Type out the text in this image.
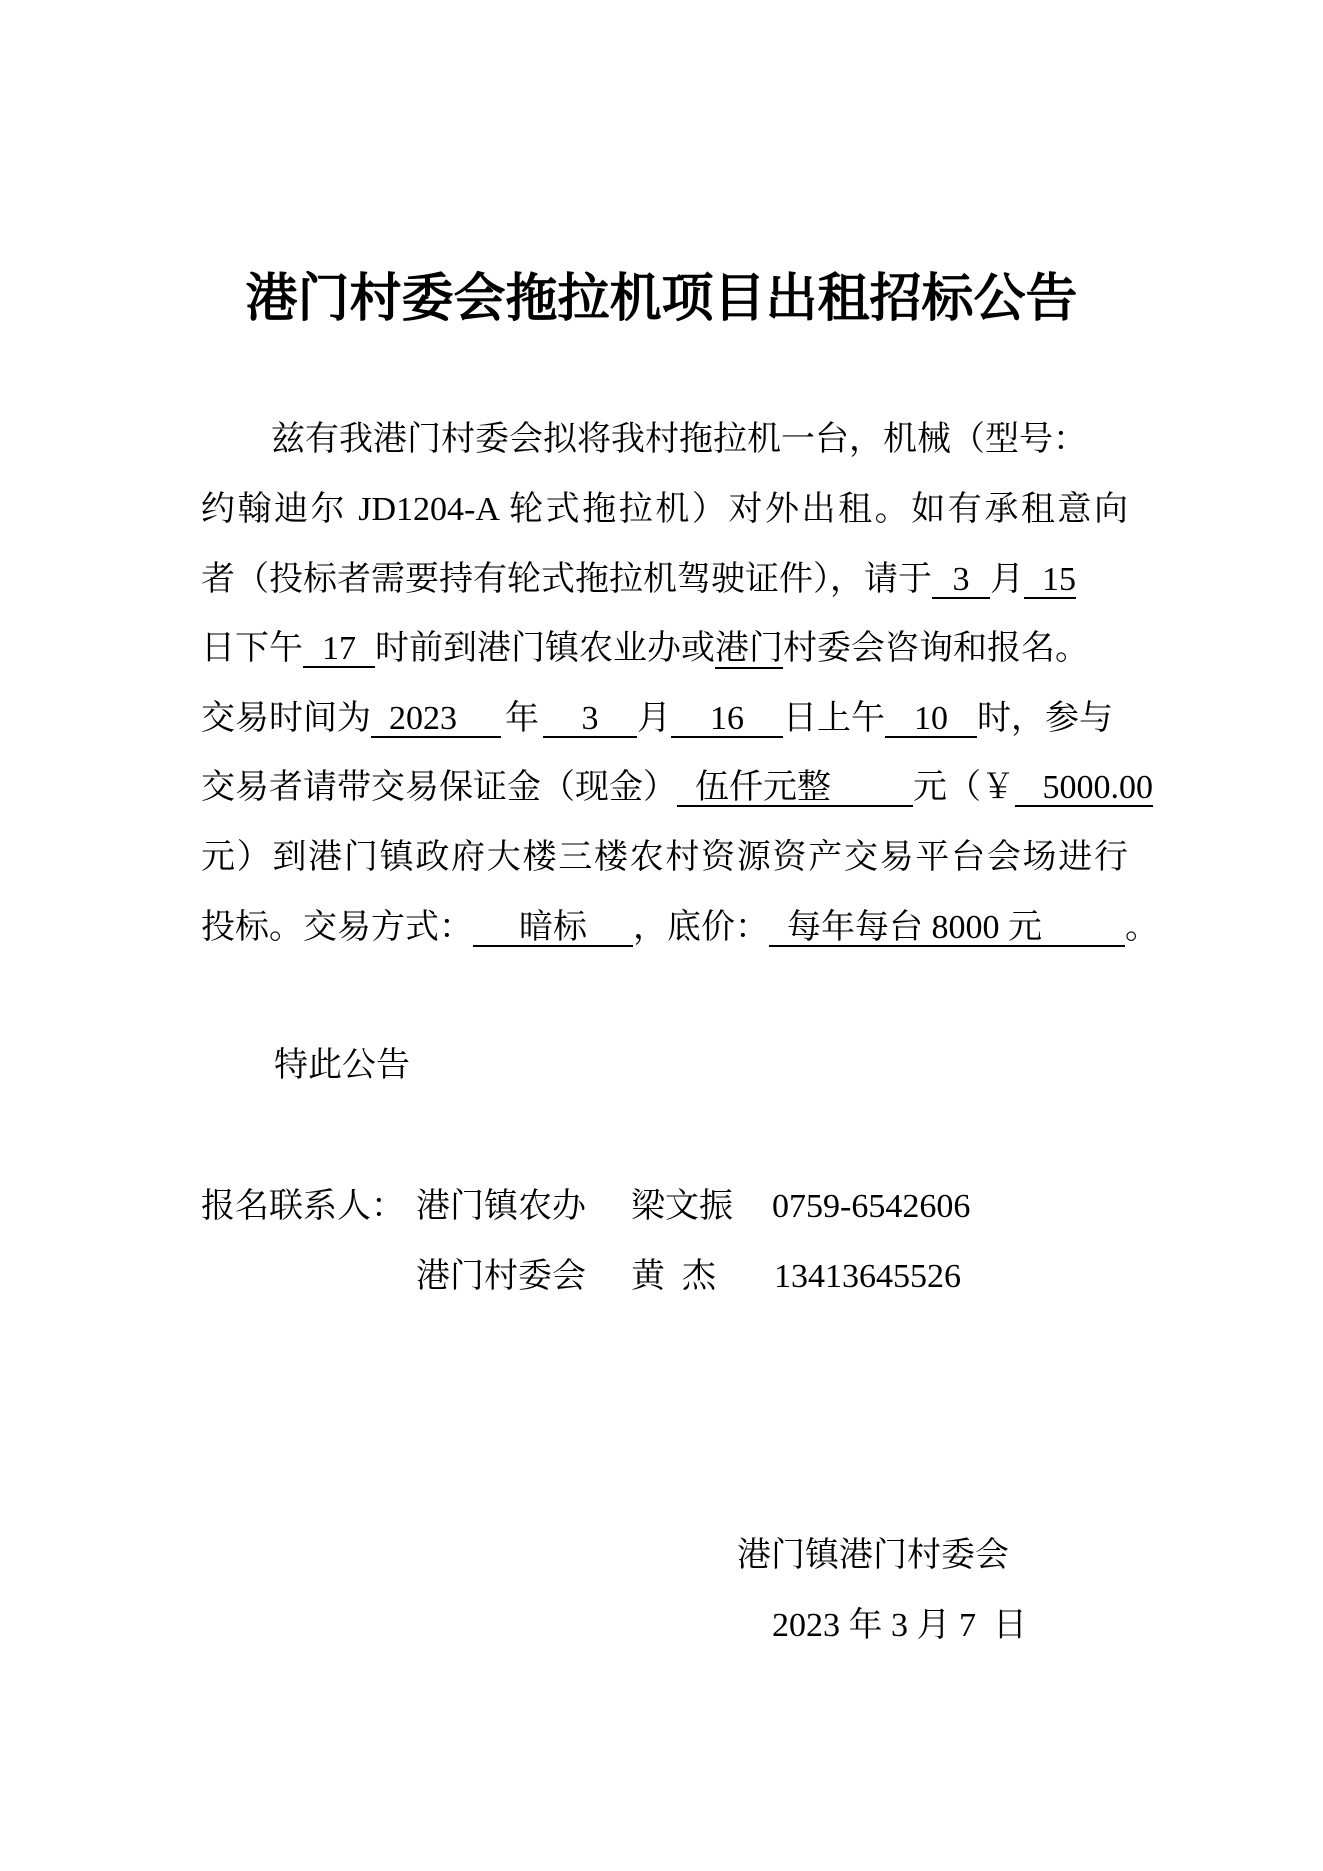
港门村委会拖拉机项目出租招标公告
兹有我港门村委会拟将我村拖拉机一台，机械（型号：
约翰迪尔 JD1204-A 轮式拖拉机）对外出租。如有承租意向
者（投标者需要持有轮式拖拉机驾驶证件），请于 3 月 15
日下午 17 时前到港门镇农业办或港门村委会咨询和报名。
交易时间为 2023 年 3 月 16 日上午 10 时，参与
交易者请带交易保证金（现金） 伍仟元整 元（￥ 5000.00
元）到港门镇政府大楼三楼农村资源资产交易平台会场进行
投标。交易方式： 暗标 ，底价： 每年每台 8000 元 。
特此公告
报名联系人： 港门镇农办 梁文振 0759-6542606
港门村委会 黄  杰 13413645526
港门镇港门村委会
2023 年 3 月 7  日
